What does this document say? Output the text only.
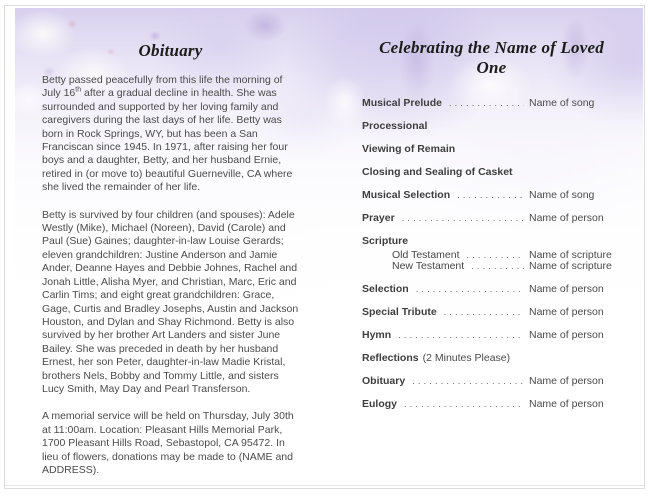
Obituary

Betty passed peacefully from this life the morning of July 16th after a gradual decline in health. She was surrounded and supported by her loving family and caregivers during the last days of her life. Betty was born in Rock Springs, WY, but has been a San Franciscan since 1945. In 1971, after raising her four boys and a daughter, Betty, and her husband Ernie, retired in (or move to) beautiful Guerneville, CA where she lived the remainder of her life.

Betty is survived by four children (and spouses): Adele Westly (Mike), Michael (Noreen), David (Carole) and Paul (Sue) Gaines; daughter-in-law Louise Gerards; eleven grandchildren: Justine Anderson and Jamie Ander, Deanne Hayes and Debbie Johnes, Rachel and Jonah Little, Alisha Myer, and Christian, Marc, Eric and Carlin Tims; and eight great grandchildren: Grace, Gage, Curtis and Bradley Josephs, Austin and Jackson Houston, and Dylan and Shay Richmond. Betty is also survived by her brother Art Landers and sister June Bailey. She was preceded in death by her husband Ernest, her son Peter, daughter-in-law Madie Kristal, brothers Nels, Bobby and Tommy Little, and sisters Lucy Smith, May Day and Pearl Transferson.

A memorial service will be held on Thursday, July 30th at 11:00am. Location: Pleasant Hills Memorial Park, 1700 Pleasant Hills Road, Sebastopol, CA 95472. In lieu of flowers, donations may be made to (NAME and ADDRESS).

Celebrating the Name of Loved One
Musical Prelude .....	Name of song
Processional
Viewing of Remain
Closing and Sealing of Casket
Musical Selection .....	Name of song
Prayer .....	Name of person
Scripture
Old Testament .....	Name of scripture
New Testament .....	Name of scripture
Selection .....	Name of person
Special Tribute .....	Name of person
Hymn .....	Name of person
Reflections (2 Minutes Please)
Obituary .....	Name of person
Eulogy .....	Name of person
